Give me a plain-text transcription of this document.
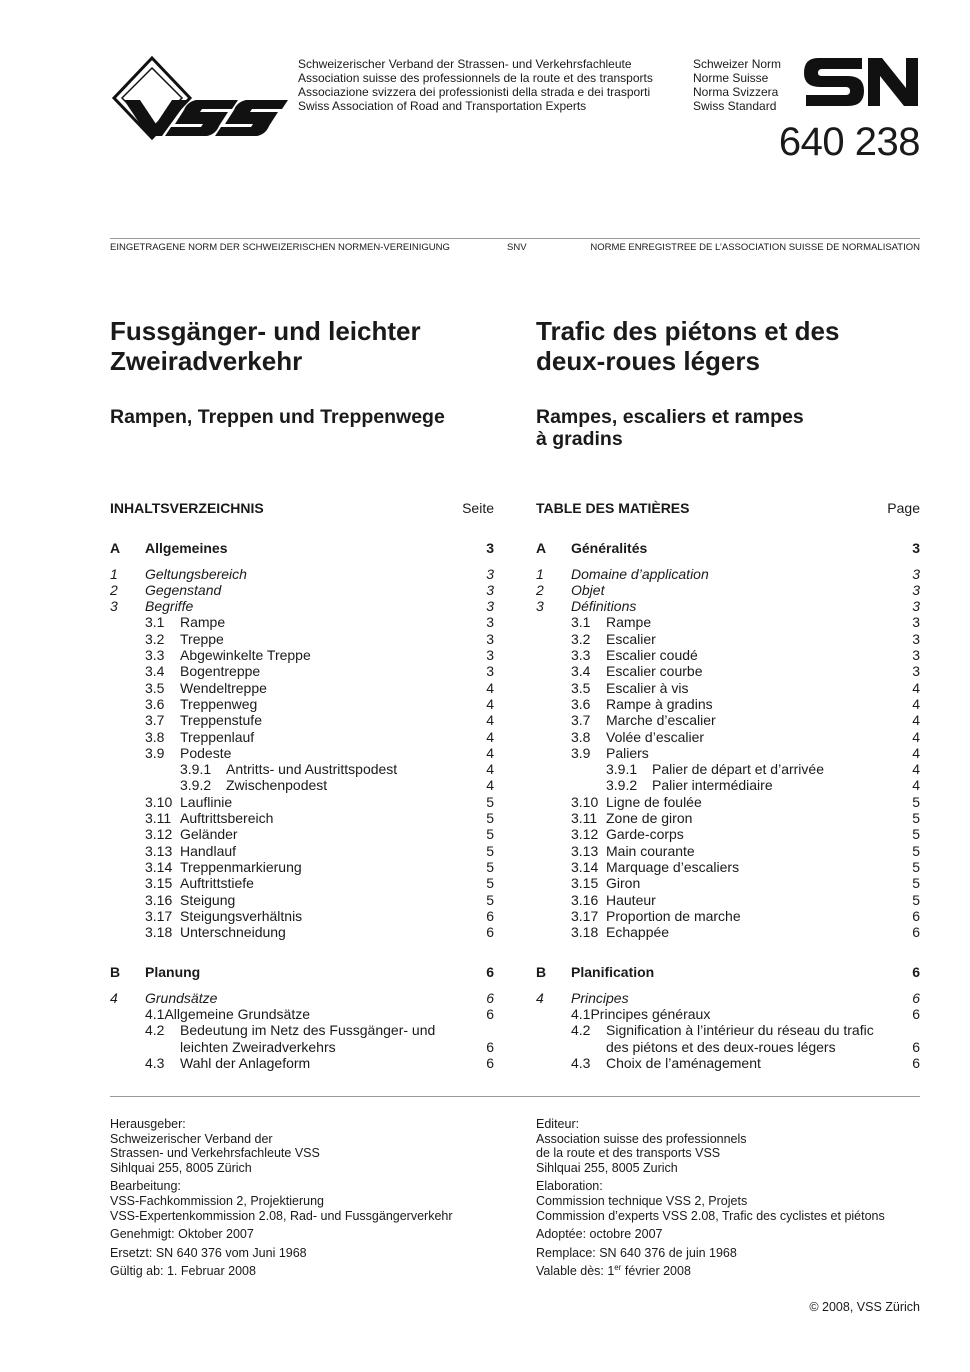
Schweizerischer Verband der Strassen- und Verkehrsfachleute
Association suisse des professionnels de la route et des transports
Associazione svizzera dei professionisti della strada e dei trasporti
Swiss Association of Road and Transportation Experts
Schweizer Norm
Norme Suisse
Norma Svizzera
Swiss Standard
640 238
EINGETRAGENE NORM DER SCHWEIZERISCHEN NORMEN-VEREINIGUNG	SNV	NORME ENREGISTREE DE L’ASSOCIATION SUISSE DE NORMALISATION
Fussgänger- und leichter
Zweiradverkehr
Rampen, Treppen und Treppenwege
Trafic des piétons et des
deux-roues légers
Rampes, escaliers et rampes
à gradins
INHALTSVERZEICHNIS	Seite
A	Allgemeines	3
1	Geltungsbereich	3
2	Gegenstand	3
3	Begriffe	3
3.1	Rampe	3
3.2	Treppe	3
3.3	Abgewinkelte Treppe	3
3.4	Bogentreppe	3
3.5	Wendeltreppe	4
3.6	Treppenweg	4
3.7	Treppenstufe	4
3.8	Treppenlauf	4
3.9	Podeste	4
3.9.1	Antritts- und Austrittspodest	4
3.9.2	Zwischenpodest	4
3.10 Lauflinie	5
3.11 Auftrittsbereich	5
3.12 Geländer	5
3.13 Handlauf	5
3.14 Treppenmarkierung	5
3.15 Auftrittstiefe	5
3.16 Steigung	5
3.17 Steigungsverhältnis	6
3.18 Unterschneidung	6
B	Planung	6
4	Grundsätze	6
4.1Allgemeine Grundsätze	6
4.2	Bedeutung im Netz des Fussgänger- und leichten Zweiradverkehrs	6
4.3	Wahl der Anlageform	6
TABLE DES MATIÈRES	Page
A	Généralités	3
1	Domaine d’application	3
2	Objet	3
3	Définitions	3
3.1	Rampe	3
3.2	Escalier	3
3.3	Escalier coudé	3
3.4	Escalier courbe	3
3.5	Escalier à vis	4
3.6	Rampe à gradins	4
3.7	Marche d’escalier	4
3.8	Volée d’escalier	4
3.9	Paliers	4
3.9.1	Palier de départ et d’arrivée	4
3.9.2	Palier intermédiaire	4
3.10 Ligne de foulée	5
3.11 Zone de giron	5
3.12 Garde-corps	5
3.13 Main courante	5
3.14 Marquage d’escaliers	5
3.15 Giron	5
3.16 Hauteur	5
3.17 Proportion de marche	6
3.18 Echappée	6
B	Planification	6
4	Principes	6
4.1Principes généraux	6
4.2	Signification à l’intérieur du réseau du trafic des piétons et des deux-roues légers	6
4.3	Choix de l’aménagement	6

Herausgeber:
Schweizerischer Verband der
Strassen- und Verkehrsfachleute VSS
Sihlquai 255, 8005 Zürich

Bearbeitung:
VSS-Fachkommission 2, Projektierung
VSS-Expertenkommission 2.08, Rad- und Fussgängerverkehr

Genehmigt: Oktober 2007

Ersetzt: SN 640 376 vom Juni 1968

Gültig ab: 1. Februar 2008

Editeur:
Association suisse des professionnels
de la route et des transports VSS
Sihlquai 255, 8005 Zurich

Elaboration:
Commission technique VSS 2, Projets
Commission d’experts VSS 2.08, Trafic des cyclistes et piétons

Adoptée: octobre 2007

Remplace: SN 640 376 de juin 1968

Valable dès: 1er février 2008

© 2008, VSS Zürich
